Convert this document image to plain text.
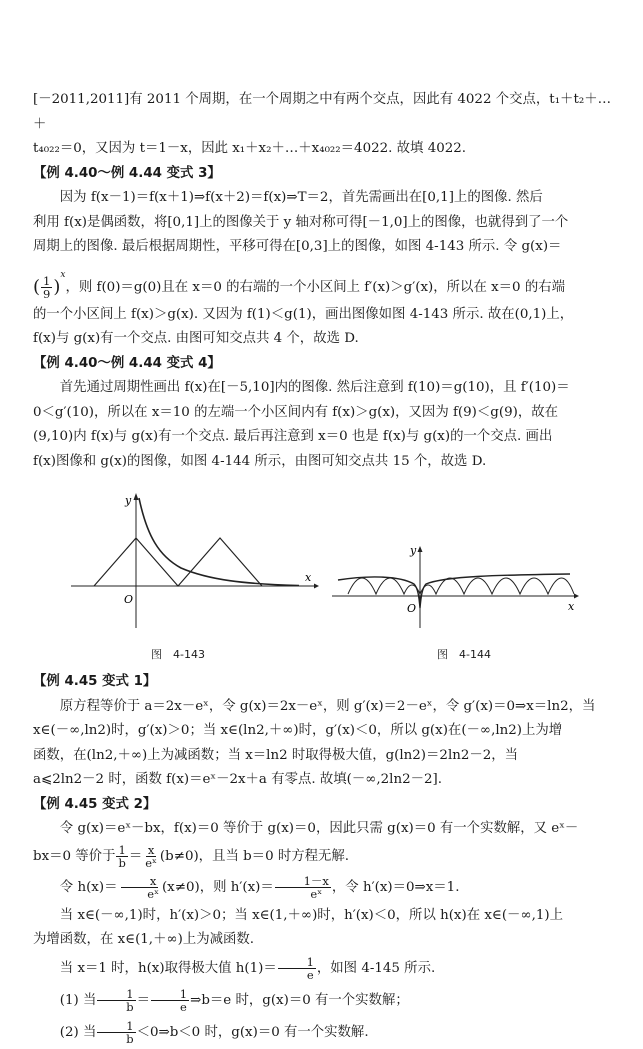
[－2011,2011]有 2011 个周期，在一个周期之中有两个交点，因此有 4022 个交点，t₁＋t₂＋…＋

t₄₀₂₂＝0，又因为 t＝1－x，因此 x₁＋x₂＋…＋x₄₀₂₂＝4022. 故填 4022.

【例 4.40～例 4.44 变式 3】

因为 f(x－1)＝f(x＋1)⇒f(x＋2)＝f(x)⇒T＝2，首先需画出在[0,1]上的图像. 然后

利用 f(x)是偶函数，将[0,1]上的图像关于 y 轴对称可得[－1,0]上的图像，也就得到了一个

周期上的图像. 最后根据周期性，平移可得在[0,3]上的图像，如图 4-143 所示. 令 g(x)＝

( $\frac{1}{9} )^x$，则 f(0)＝g(0)且在 x＝0 的右端的一个小区间上 f′(x)＞g′(x)，所以在 x＝0 的右端

的一个小区间上 f(x)＞g(x). 又因为 f(1)＜g(1)，画出图像如图 4-143 所示. 故在(0,1)上，

f(x)与 g(x)有一个交点. 由图可知交点共 4 个，故选 D.

【例 4.40～例 4.44 变式 4】

首先通过周期性画出 f(x)在[－5,10]内的图像. 然后注意到 f(10)＝g(10)，且 f′(10)＝

0＜g′(10)，所以在 x＝10 的左端一个小区间内有 f(x)＞g(x)，又因为 f(9)＜g(9)，故在

(9,10)内 f(x)与 g(x)有一个交点. 最后再注意到 x＝0 也是 f(x)与 g(x)的一个交点. 画出

f(x)图像和 g(x)的图像，如图 4-144 所示，由图可知交点共 15 个，故选 D.

y
x
O
图　4-143
y
x
O
图　4-144

【例 4.45 变式 1】

原方程等价于 a＝2x－eˣ，令 g(x)＝2x－eˣ，则 g′(x)＝2－eˣ，令 g′(x)＝0⇒x＝ln2，当

x∈(－∞,ln2)时，g′(x)＞0；当 x∈(ln2,＋∞)时，g′(x)＜0，所以 g(x)在(－∞,ln2)上为增

函数，在(ln2,＋∞)上为减函数；当 x＝ln2 时取得极大值，g(ln2)＝2ln2－2，当

a⩽2ln2－2 时，函数 f(x)＝eˣ－2x＋a 有零点. 故填(－∞,2ln2－2].

【例 4.45 变式 2】

令 g(x)＝eˣ－bx，f(x)＝0 等价于 g(x)＝0，因此只需 g(x)＝0 有一个实数解，又 eˣ－

bx＝0 等价于 $\frac{1}{b} = \frac{x}{\text{eˣ}} (b\ne 0)$，且当 b＝0 时方程无解.

令 $h(x)= \frac{x}{\text{eˣ}} (x\ne 0)$，则 $h'(x)= \frac{1-x}{\text{eˣ}}$ ，令 h′(x)＝0⇒x＝1.

当 x∈(－∞,1)时，h′(x)＞0；当 x∈(1,＋∞)时，h′(x)＜0，所以 h(x)在 x∈(－∞,1)上

为增函数，在 x∈(1,＋∞)上为减函数.

当 x＝1 时，h(x)取得极大值 $h(1)= \frac{1}{e}$ ，如图 4-145 所示.

(1) 当 $\frac{1}{b} = \frac{1}{e}$ ⇒b＝e 时，g(x)＝0 有一个实数解；

(2) 当 $\frac{1}{b}$ ＜0⇒b＜0 时，g(x)＝0 有一个实数解.
